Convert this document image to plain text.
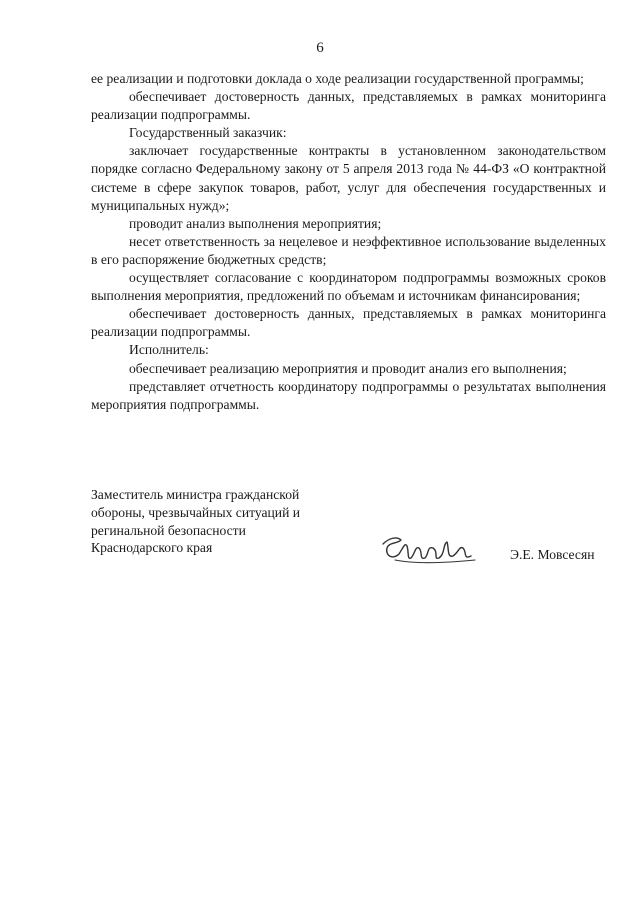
6

ее реализации и подготовки доклада о ходе реализации государственной программы;

обеспечивает достоверность данных, представляемых в рамках мониторинга реализации подпрограммы.

Государственный заказчик:

заключает государственные контракты в установленном законодательством порядке согласно Федеральному закону от 5 апреля 2013 года № 44-ФЗ «О контрактной системе в сфере закупок товаров, работ, услуг для обеспечения государственных и муниципальных нужд»;

проводит анализ выполнения мероприятия;

несет ответственность за нецелевое и неэффективное использование выделенных в его распоряжение бюджетных средств;

осуществляет согласование с координатором подпрограммы возможных сроков выполнения мероприятия, предложений по объемам и источникам финансирования;

обеспечивает достоверность данных, представляемых в рамках мониторинга реализации подпрограммы.

Исполнитель:

обеспечивает реализацию мероприятия и проводит анализ его выполнения;

представляет отчетность координатору подпрограммы о результатах выполнения мероприятия подпрограммы.

Заместитель министра гражданской
обороны, чрезвычайных ситуаций и
регинальной безопасности
Краснодарского края	Э.Е. Мовсесян
